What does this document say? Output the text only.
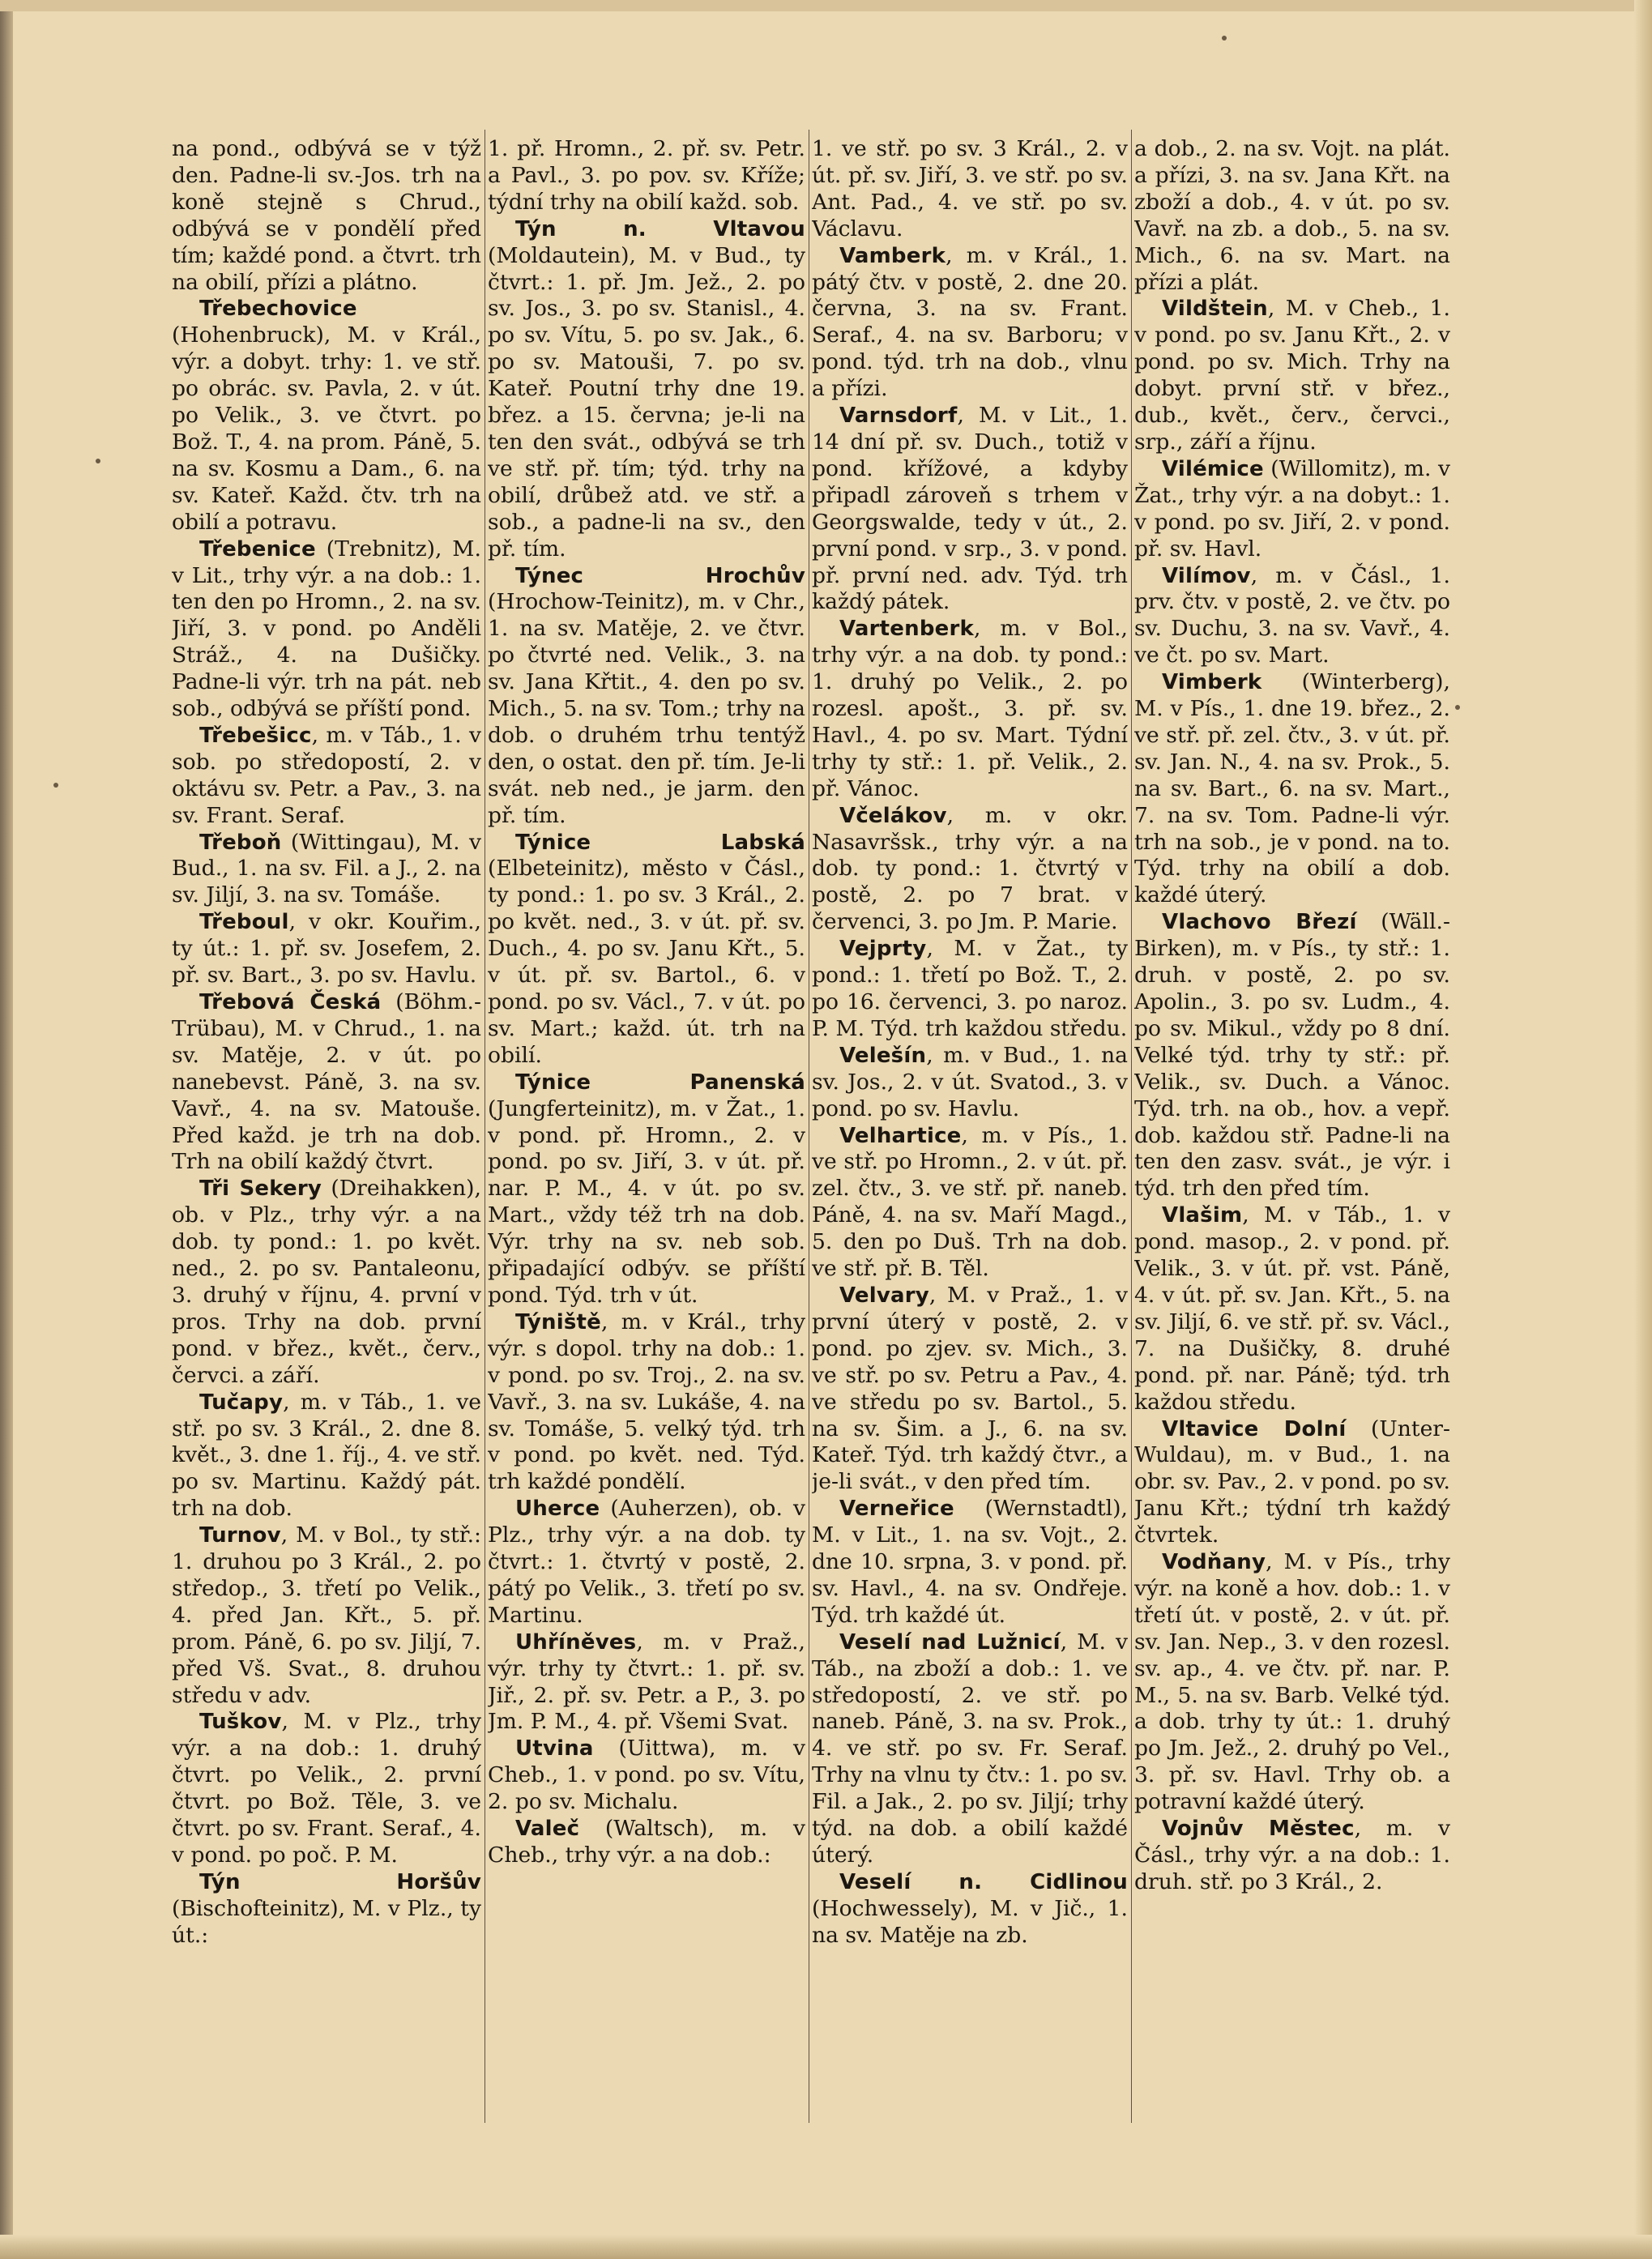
na pond., odbývá se v týž den. Padne-li sv.-Jos. trh na koně stejně s Chrud., odbývá se v pondělí před tím; každé pond. a čtvrt. trh na obilí, přízi a plátno.

Třebechovice (Hohenbruck), M. v Král., výr. a dobyt. trhy: 1. ve stř. po obrác. sv. Pavla, 2. v út. po Velik., 3. ve čtvrt. po Bož. T., 4. na prom. Páně, 5. na sv. Kosmu a Dam., 6. na sv. Kateř. Každ. čtv. trh na obilí a potravu.

Třebenice (Trebnitz), M. v Lit., trhy výr. a na dob.: 1. ten den po Hromn., 2. na sv. Jiří, 3. v pond. po Anděli Stráž., 4. na Dušičky. Padne-li výr. trh na pát. neb sob., odbývá se příští pond.

Třebešicc, m. v Táb., 1. v sob. po středopostí, 2. v oktávu sv. Petr. a Pav., 3. na sv. Frant. Seraf.

Třeboň (Wittingau), M. v Bud., 1. na sv. Fil. a J., 2. na sv. Jiljí, 3. na sv. Tomáše.

Třeboul, v okr. Kouřim., ty út.: 1. př. sv. Josefem, 2. př. sv. Bart., 3. po sv. Havlu.

Třebová Česká (Böhm.-Trübau), M. v Chrud., 1. na sv. Matěje, 2. v út. po nanebevst. Páně, 3. na sv. Vavř., 4. na sv. Matouše. Před každ. je trh na dob. Trh na obilí každý čtvrt.

Tři Sekery (Dreihakken), ob. v Plz., trhy výr. a na dob. ty pond.: 1. po květ. ned., 2. po sv. Pantaleonu, 3. druhý v říjnu, 4. první v pros. Trhy na dob. první pond. v břez., květ., červ., červci. a září.

Tučapy, m. v Táb., 1. ve stř. po sv. 3 Král., 2. dne 8. květ., 3. dne 1. říj., 4. ve stř. po sv. Martinu. Každý pát. trh na dob.

Turnov, M. v Bol., ty stř.: 1. druhou po 3 Král., 2. po středop., 3. třetí po Velik., 4. před Jan. Křt., 5. př. prom. Páně, 6. po sv. Jiljí, 7. před Vš. Svat., 8. druhou středu v adv.

Tuškov, M. v Plz., trhy výr. a na dob.: 1. druhý čtvrt. po Velik., 2. první čtvrt. po Bož. Těle, 3. ve čtvrt. po sv. Frant. Seraf., 4. v pond. po poč. P. M.

Týn Horšův (Bischofteinitz), M. v Plz., ty út.:

1. př. Hromn., 2. př. sv. Petr. a Pavl., 3. po pov. sv. Kříže; týdní trhy na obilí každ. sob.

Týn n. Vltavou (Moldauteіn), M. v Bud., ty čtvrt.: 1. př. Jm. Jež., 2. po sv. Jos., 3. po sv. Stanisl., 4. po sv. Vítu, 5. po sv. Jak., 6. po sv. Matouši, 7. po sv. Kateř. Poutní trhy dne 19. břez. a 15. června; je-li na ten den svát., odbývá se trh ve stř. př. tím; týd. trhy na obilí, drůbež atd. ve stř. a sob., a padne-li na sv., den př. tím.

Týnec Hrochův (Hrochow-Teinitz), m. v Chr., 1. na sv. Matěje, 2. ve čtvr. po čtvrté ned. Velik., 3. na sv. Jana Křtit., 4. den po sv. Mich., 5. na sv. Tom.; trhy na dob. o druhém trhu tentýž den, o ostat. den př. tím. Je-li svát. neb ned., je jarm. den př. tím.

Týnice Labská (Elbeteinitz), město v Čásl., ty pond.: 1. po sv. 3 Král., 2. po květ. ned., 3. v út. př. sv. Duch., 4. po sv. Janu Křt., 5. v út. př. sv. Bartol., 6. v pond. po sv. Václ., 7. v út. po sv. Mart.; každ. út. trh na obilí.

Týnice Panenská (Jungferteinitz), m. v Žat., 1. v pond. př. Hromn., 2. v pond. po sv. Jiří, 3. v út. př. nar. P. M., 4. v út. po sv. Mart., vždy též trh na dob. Výr. trhy na sv. neb sob. připadající odbýv. se příští pond. Týd. trh v út.

Týniště, m. v Král., trhy výr. s dopol. trhy na dob.: 1. v pond. po sv. Troj., 2. na sv. Vavř., 3. na sv. Lukáše, 4. na sv. Tomáše, 5. velký týd. trh v pond. po květ. ned. Týd. trh každé pondělí.

Uherce (Auherzen), ob. v Plz., trhy výr. a na dob. ty čtvrt.: 1. čtvrtý v postě, 2. pátý po Velik., 3. třetí po sv. Martinu.

Uhříněves, m. v Praž., výr. trhy ty čtvrt.: 1. př. sv. Jiř., 2. př. sv. Petr. a P., 3. po Jm. P. M., 4. př. Všemi Svat.

Utvina (Uittwa), m. v Cheb., 1. v pond. po sv. Vítu, 2. po sv. Michalu.

Valeč (Waltsch), m. v Cheb., trhy výr. a na dob.:

1. ve stř. po sv. 3 Král., 2. v út. př. sv. Jiří, 3. ve stř. po sv. Ant. Pad., 4. ve stř. po sv. Václavu.

Vamberk, m. v Král., 1. pátý čtv. v postě, 2. dne 20. června, 3. na sv. Frant. Seraf., 4. na sv. Barboru; v pond. týd. trh na dob., vlnu a přízi.

Varnsdorf, M. v Lit., 1. 14 dní př. sv. Duch., totiž v pond. křížové, a kdyby připadl zároveň s trhem v Georgswalde, tedy v út., 2. první pond. v srp., 3. v pond. př. první ned. adv. Týd. trh každý pátek.

Vartenberk, m. v Bol., trhy výr. a na dob. ty pond.: 1. druhý po Velik., 2. po rozesl. apošt., 3. př. sv. Havl., 4. po sv. Mart. Týdní trhy ty stř.: 1. př. Velik., 2. př. Vánoc.

Včelákov, m. v okr. Nasavršsk., trhy výr. a na dob. ty pond.: 1. čtvrtý v postě, 2. po 7 brat. v červenci, 3. po Jm. P. Marie.

Vejprty, M. v Žat., ty pond.: 1. třetí po Bož. T., 2. po 16. červenci, 3. po naroz. P. M. Týd. trh každou středu.

Velešín, m. v Bud., 1. na sv. Jos., 2. v út. Svatod., 3. v pond. po sv. Havlu.

Velhartice, m. v Pís., 1. ve stř. po Hromn., 2. v út. př. zel. čtv., 3. ve stř. př. naneb. Páně, 4. na sv. Maří Magd., 5. den po Duš. Trh na dob. ve stř. př. B. Těl.

Velvary, M. v Praž., 1. v první úterý v postě, 2. v pond. po zjev. sv. Mich., 3. ve stř. po sv. Petru a Pav., 4. ve středu po sv. Bartol., 5. na sv. Šim. a J., 6. na sv. Kateř. Týd. trh každý čtvr., a je-li svát., v den před tím.

Verneřice (Wernstadtl), M. v Lit., 1. na sv. Vojt., 2. dne 10. srpna, 3. v pond. př. sv. Havl., 4. na sv. Ondřeje. Týd. trh každé út.

Veselí nad Lužnicí, M. v Táb., na zboží a dob.: 1. ve středopostí, 2. ve stř. po naneb. Páně, 3. na sv. Prok., 4. ve stř. po sv. Fr. Seraf. Trhy na vlnu ty čtv.: 1. po sv. Fil. a Jak., 2. po sv. Jiljí; trhy týd. na dob. a obilí každé úterý.

Veselí n. Cidlinou (Hochwessely), M. v Jič., 1. na sv. Matěje na zb.

a dob., 2. na sv. Vojt. na plát. a přízi, 3. na sv. Jana Křt. na zboží a dob., 4. v út. po sv. Vavř. na zb. a dob., 5. na sv. Mich., 6. na sv. Mart. na přízi a plát.

Vildštein, M. v Cheb., 1. v pond. po sv. Janu Křt., 2. v pond. po sv. Mich. Trhy na dobyt. první stř. v břez., dub., květ., červ., červci., srp., září a říjnu.

Vilémice (Willomitz), m. v Žat., trhy výr. a na dobyt.: 1. v pond. po sv. Jiří, 2. v pond. př. sv. Havl.

Vilímov, m. v Čásl., 1. prv. čtv. v postě, 2. ve čtv. po sv. Duchu, 3. na sv. Vavř., 4. ve čt. po sv. Mart.

Vimberk (Winterberg), M. v Pís., 1. dne 19. břez., 2. ve stř. př. zel. čtv., 3. v út. př. sv. Jan. N., 4. na sv. Prok., 5. na sv. Bart., 6. na sv. Mart., 7. na sv. Tom. Padne-li výr. trh na sob., je v pond. na to. Týd. trhy na obilí a dob. každé úterý.

Vlachovo Březí (Wäll.-Birken), m. v Pís., ty stř.: 1. druh. v postě, 2. po sv. Apolin., 3. po sv. Ludm., 4. po sv. Mikul., vždy po 8 dní. Velké týd. trhy ty stř.: př. Velik., sv. Duch. a Vánoc. Týd. trh. na ob., hov. a vepř. dob. každou stř. Padne-li na ten den zasv. svát., je výr. i týd. trh den před tím.

Vlašim, M. v Táb., 1. v pond. masop., 2. v pond. př. Velik., 3. v út. př. vst. Páně, 4. v út. př. sv. Jan. Křt., 5. na sv. Jiljí, 6. ve stř. př. sv. Václ., 7. na Dušičky, 8. druhé pond. př. nar. Páně; týd. trh každou středu.

Vltavice Dolní (Unter-Wuldau), m. v Bud., 1. na obr. sv. Pav., 2. v pond. po sv. Janu Křt.; týdní trh každý čtvrtek.

Vodňany, M. v Pís., trhy výr. na koně a hov. dob.: 1. v třetí út. v postě, 2. v út. př. sv. Jan. Nep., 3. v den rozesl. sv. ap., 4. ve čtv. př. nar. P. M., 5. na sv. Barb. Velké týd. a dob. trhy ty út.: 1. druhý po Jm. Jež., 2. druhý po Vel., 3. př. sv. Havl. Trhy ob. a potravní každé úterý.

Vojnův Městec, m. v Čásl., trhy výr. a na dob.: 1. druh. stř. po 3 Král., 2.
